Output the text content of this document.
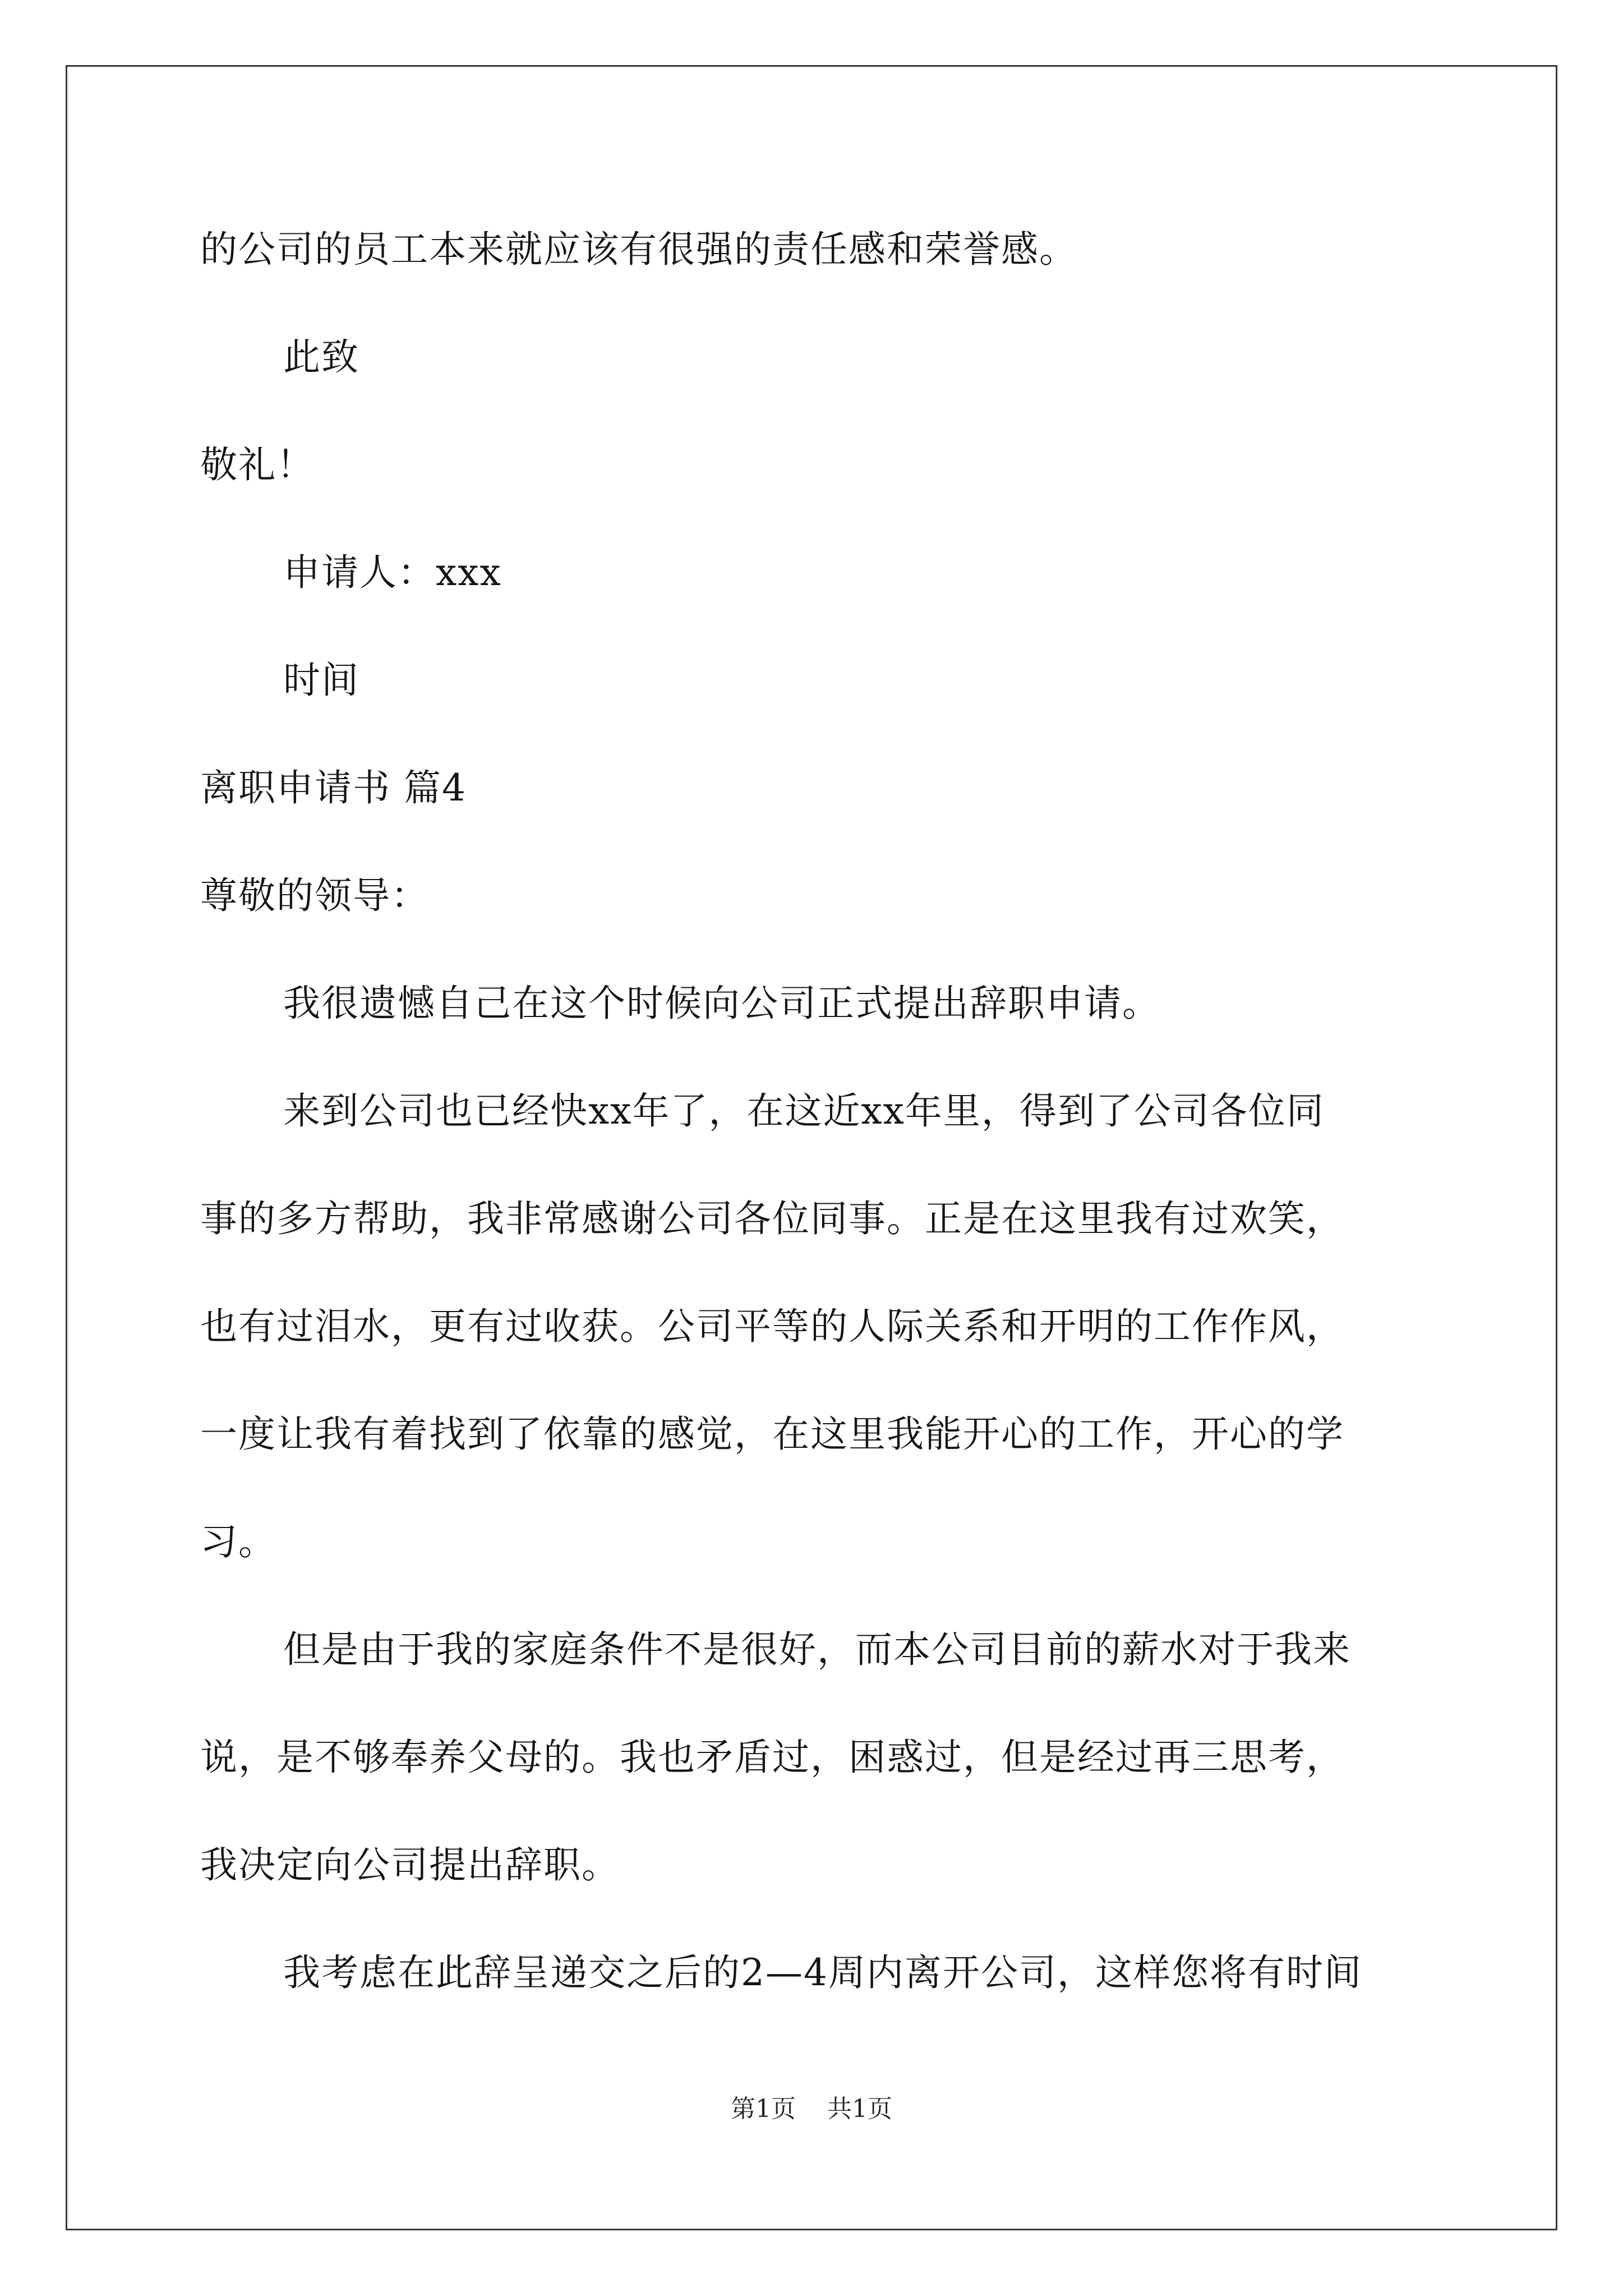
的公司的员工本来就应该有很强的责任感和荣誉感。
此致
敬礼！
申请人：xxx
时间
离职申请书 篇4
尊敬的领导：
我很遗憾自己在这个时候向公司正式提出辞职申请。
来到公司也已经快xx年了，在这近xx年里，得到了公司各位同
事的多方帮助，我非常感谢公司各位同事。正是在这里我有过欢笑，
也有过泪水，更有过收获。公司平等的人际关系和开明的工作作风，
一度让我有着找到了依靠的感觉，在这里我能开心的工作，开心的学
习。
但是由于我的家庭条件不是很好，而本公司目前的薪水对于我来
说，是不够奉养父母的。我也矛盾过，困惑过，但是经过再三思考，
我决定向公司提出辞职。
我考虑在此辞呈递交之后的2—4周内离开公司，这样您将有时间
第1页    共1页
